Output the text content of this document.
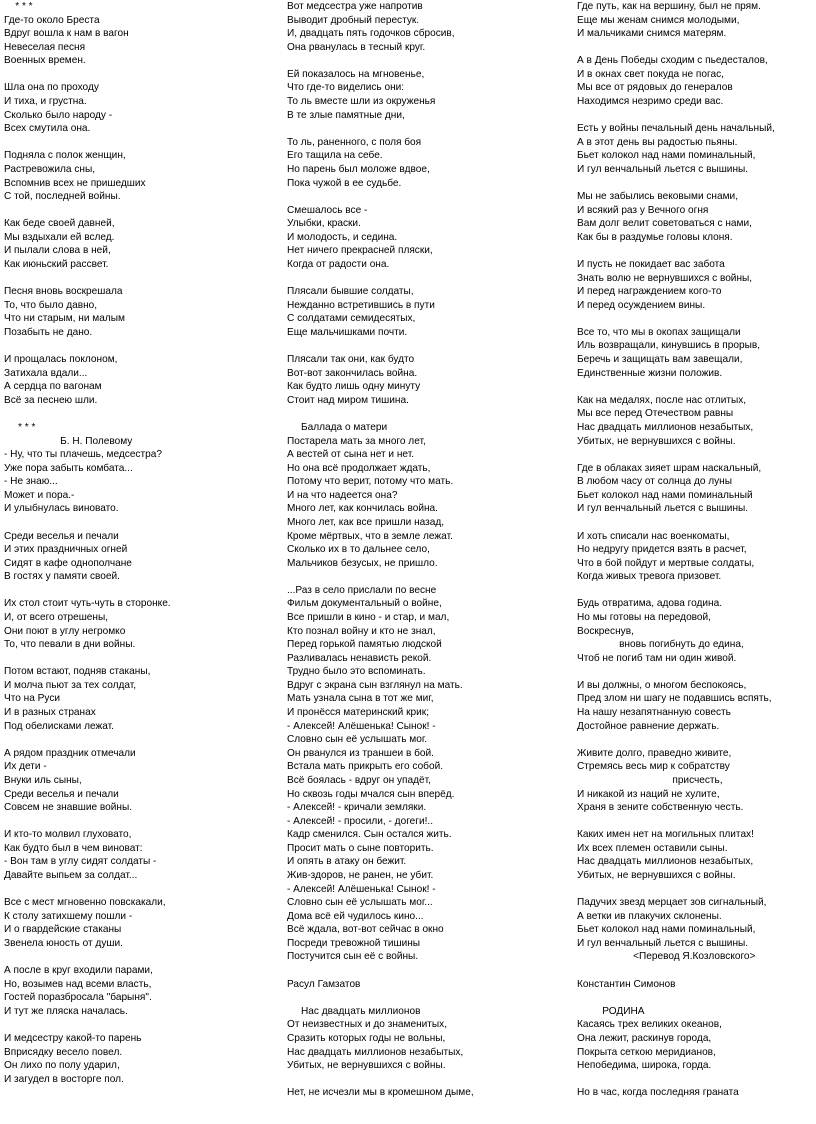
* * *
Где-то около Бреста
Вдруг вошла к нам в вагон
Невеселая песня
Военных времен.
Шла она по проходу
И тиха, и грустна.
Сколько было народу -
Всех смутила она.
Подняла с полок женщин,
Растревожила сны,
Вспомнив всех не пришедших
С той, последней войны.
Как беде своей давней,
Мы вздыхали ей вслед.
И пылали слова в ней,
Как июньский рассвет.
Песня вновь воскрешала
То, что было давно,
Что ни старым, ни малым
Позабыть не дано.
И прощалась поклоном,
Затихала вдали...
А сердца по вагонам
Всё за песнею шли.
* * *
Б. Н. Полевому
- Ну, что ты плачешь, медсестра?
Уже пора забыть комбата...
- Не знаю...
Может и пора.-
И улыбнулась виновато.
Среди веселья и печали
И этих праздничных огней
Сидят в кафе однополчане
В гостях у памяти своей.
Их стол стоит чуть-чуть в сторонке.
И, от всего отрешены,
Они поют в углу негромко
То, что певали в дни войны.
Потом встают, подняв стаканы,
И молча пьют за тех солдат,
Что на Руси
И в разных странах
Под обелисками лежат.
А рядом праздник отмечали
Их дети -
Внуки иль сыны,
Среди веселья и печали
Совсем не знавшие войны.
И кто-то молвил глуховато,
Как будто был в чем виноват:
- Вон там в углу сидят солдаты -
Давайте выпьем за солдат...
Все с мест мгновенно повскакали,
К столу затихшему пошли -
И о гвардейские стаканы
Звенела юность от души.
А после в круг входили парами,
Но, возымев над всеми власть,
Гостей поразбросала "барыня".
И тут же пляска началась.
И медсестру какой-то парень
Вприсядку весело повел.
Он лихо по полу ударил,
И загудел в восторге пол.
Вот медсестра уже напротив
Выводит дробный перестук.
И, двадцать пять годочков сбросив,
Она рванулась в тесный круг.
Ей показалось на мгновенье,
Что где-то виделись они:
То ль вместе шли из окруженья
В те злые памятные дни,
То ль, раненного, с поля боя
Его тащила на себе.
Но парень был моложе вдвое,
Пока чужой в ее судьбе.
Смешалось все -
Улыбки, краски.
И молодость, и седина.
Нет ничего прекрасней пляски,
Когда от радости она.
Плясали бывшие солдаты,
Нежданно встретившись в пути
С солдатами семидесятых,
Еще мальчишками почти.
Плясали так они, как будто
Вот-вот закончилась война.
Как будто лишь одну минуту
Стоит над миром тишина.
Баллада о матери
Постарела мать за много лет,
А вестей от сына нет и нет.
Но она всё продолжает ждать,
Потому что верит, потому что мать.
И на что надеется она?
Много лет, как кончилась война.
Много лет, как все пришли назад,
Кроме мёртвых, что в земле лежат.
Сколько их в то дальнее село,
Мальчиков безусых, не пришло.
...Раз в село прислали по весне
Фильм документальный о войне,
Все пришли в кино - и стар, и мал,
Кто познал войну и кто не знал,
Перед горькой памятью людской
Разливалась ненависть рекой.
Трудно было это вспоминать.
Вдруг с экрана сын взглянул на мать.
Мать узнала сына в тот же миг,
И пронёсся материнский крик;
- Алексей! Алёшенька! Сынок! -
Словно сын её услышать мог.
Он рванулся из траншеи в бой.
Встала мать прикрыть его собой.
Всё боялась - вдруг он упадёт,
Но сквозь годы мчался сын вперёд.
- Алексей! - кричали земляки.
- Алексей! - просили, - догеги!..
Кадр сменился. Сын остался жить.
Просит мать о сыне повторить.
И опять в атаку он бежит.
Жив-здоров, не ранен, не убит.
- Алексей! Алёшенька! Сынок! -
Словно сын её услышать мог...
Дома всё ей чудилось кино...
Всё ждала, вот-вот сейчас в окно
Посреди тревожной тишины
Постучится сын её с войны.
Расул Гамзатов
Нас двадцать миллионов
От неизвестных и до знаменитых,
Сразить которых годы не вольны,
Нас двадцать миллионов незабытых,
Убитых, не вернувшихся с войны.
Нет, не исчезли мы в кромешном дыме,
Где путь, как на вершину, был не прям.
Еще мы женам снимся молодыми,
И мальчиками снимся матерям.
А в День Победы сходим с пьедесталов,
И в окнах свет покуда не погас,
Мы все от рядовых до генералов
Находимся незримо среди вас.
Есть у войны печальный день начальный,
А в этот день вы радостью пьяны.
Бьет колокол над нами поминальный,
И гул венчальный льется с вышины.
Мы не забылись вековыми снами,
И всякий раз у Вечного огня
Вам долг велит советоваться с нами,
Как бы в раздумье головы клоня.
И пусть не покидает вас забота
Знать волю не вернувшихся с войны,
И перед награждением кого-то
И перед осуждением вины.
Все то, что мы в окопах защищали
Иль возвращали, кинувшись в прорыв,
Беречь и защищать вам завещали,
Единственные жизни положив.
Как на медалях, после нас отлитых,
Мы все перед Отечеством равны
Нас двадцать миллионов незабытых,
Убитых, не вернувшихся с войны.
Где в облаках зияет шрам наскальный,
В любом часу от солнца до луны
Бьет колокол над нами поминальный
И гул венчальный льется с вышины.
И хоть списали нас военкоматы,
Но недругу придется взять в расчет,
Что в бой пойдут и мертвые солдаты,
Когда живых тревога призовет.
Будь отвратима, адова година.
Но мы готовы на передовой,
Воскреснув,
вновь погибнуть до едина,
Чтоб не погиб там ни один живой.
И вы должны, о многом беспокоясь,
Пред злом ни шагу не подавшись вспять,
На нашу незапятнанную совесть
Достойное равнение держать.
Живите долго, праведно живите,
Стремясь весь мир к собратству
присчесть,
И никакой из наций не хулите,
Храня в зените собственную честь.
Каких имен нет на могильных плитах!
Их всех племен оставили сыны.
Нас двадцать миллионов незабытых,
Убитых, не вернувшихся с войны.
Падучих звезд мерцает зов сигнальный,
А ветки ив плакучих склонены.
Бьет колокол над нами поминальный,
И гул венчальный льется с вышины.
<Перевод Я.Козловского>
Константин Симонов
РОДИНА
Касаясь трех великих океанов,
Она лежит, раскинув города,
Покрыта сеткою меридианов,
Непобедима, широка, горда.
Но в час, когда последняя граната
